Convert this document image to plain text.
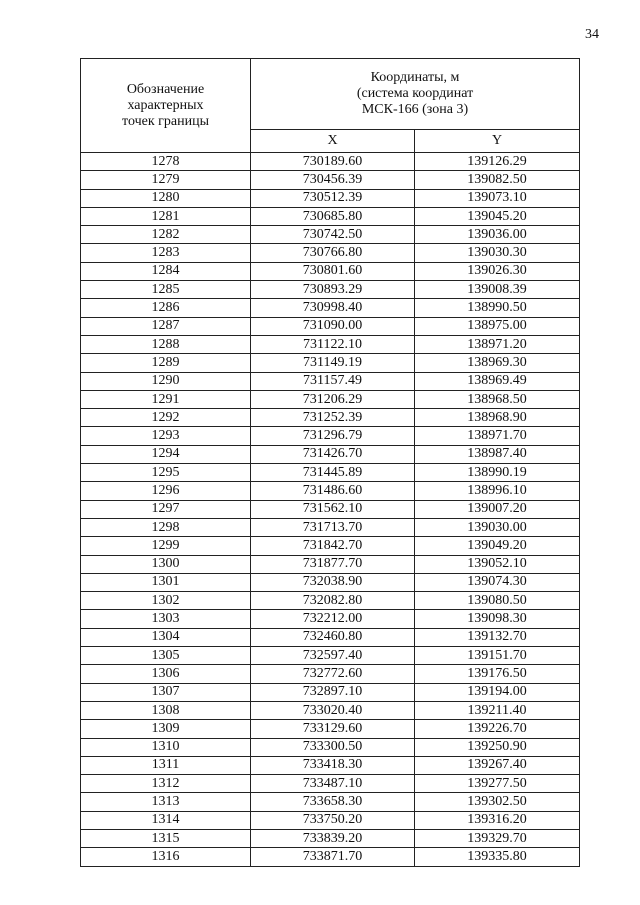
34
Обозначение
характерных
точек границы	Координаты, м
(система координат
МСК-166 (зона 3)	

	X	Y
1278	730189.60	139126.29
1279	730456.39	139082.50
1280	730512.39	139073.10
1281	730685.80	139045.20
1282	730742.50	139036.00
1283	730766.80	139030.30
1284	730801.60	139026.30
1285	730893.29	139008.39
1286	730998.40	138990.50
1287	731090.00	138975.00
1288	731122.10	138971.20
1289	731149.19	138969.30
1290	731157.49	138969.49
1291	731206.29	138968.50
1292	731252.39	138968.90
1293	731296.79	138971.70
1294	731426.70	138987.40
1295	731445.89	138990.19
1296	731486.60	138996.10
1297	731562.10	139007.20
1298	731713.70	139030.00
1299	731842.70	139049.20
1300	731877.70	139052.10
1301	732038.90	139074.30
1302	732082.80	139080.50
1303	732212.00	139098.30
1304	732460.80	139132.70
1305	732597.40	139151.70
1306	732772.60	139176.50
1307	732897.10	139194.00
1308	733020.40	139211.40
1309	733129.60	139226.70
1310	733300.50	139250.90
1311	733418.30	139267.40
1312	733487.10	139277.50
1313	733658.30	139302.50
1314	733750.20	139316.20
1315	733839.20	139329.70
1316	733871.70	139335.80
